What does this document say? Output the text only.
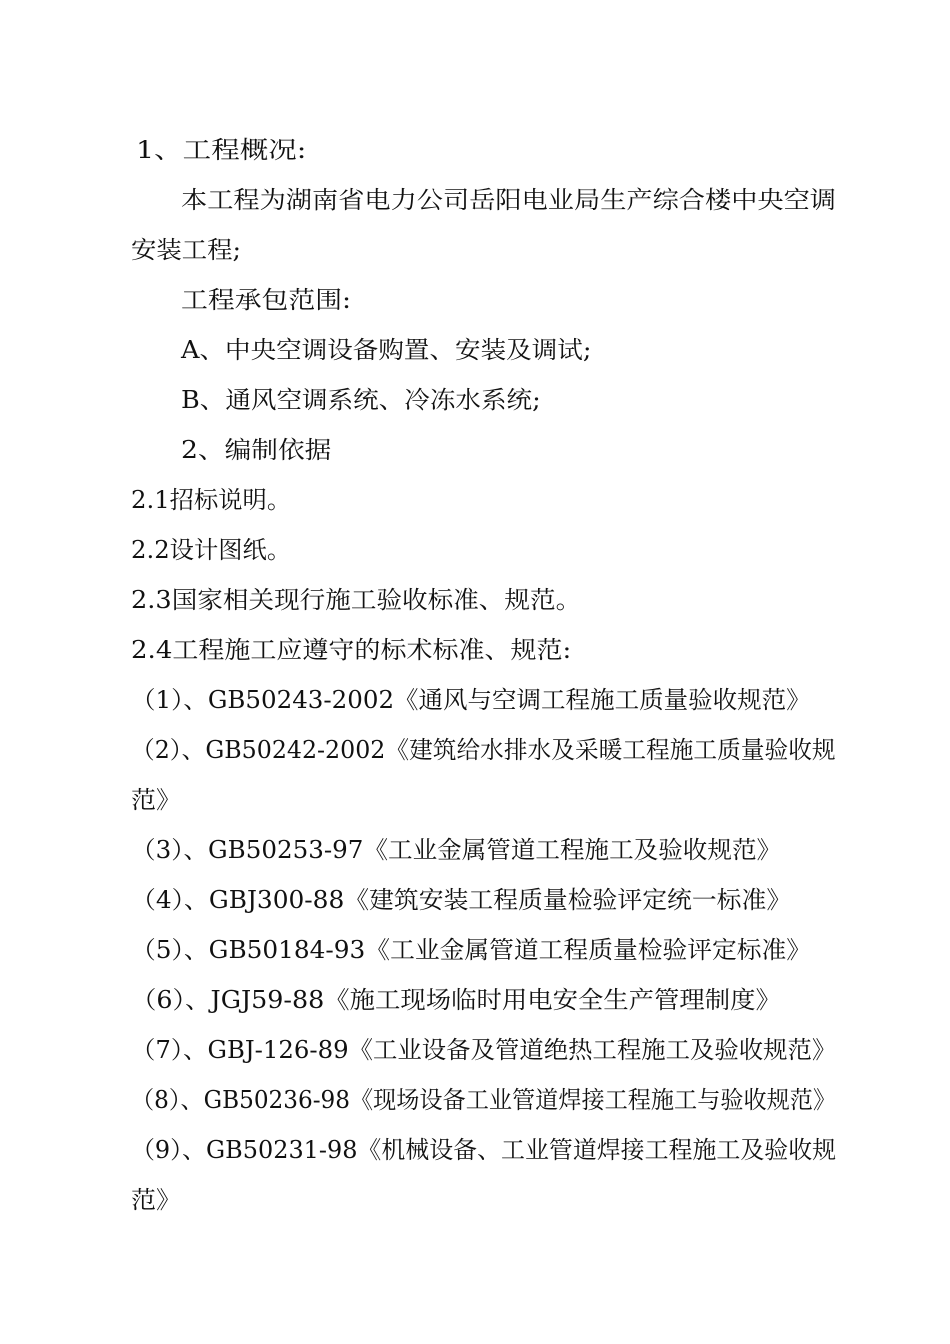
1、工程概况:
本工程为湖南省电力公司岳阳电业局生产综合楼中央空调
安装工程;
工程承包范围:
A、中央空调设备购置、安装及调试;
B、通风空调系统、冷冻水系统;
2、编制依据
2.1招标说明。
2.2设计图纸。
2.3国家相关现行施工验收标准、规范。
2.4工程施工应遵守的标术标准、规范:
（1）、GB50243-2002《通风与空调工程施工质量验收规范》
（2）、GB50242-2002《建筑给水排水及采暖工程施工质量验收规
范》
（3）、GB50253-97《工业金属管道工程施工及验收规范》
（4）、GBJ300-88《建筑安装工程质量检验评定统一标准》
（5）、GB50184-93《工业金属管道工程质量检验评定标准》
（6）、JGJ59-88《施工现场临时用电安全生产管理制度》
（7）、GBJ-126-89《工业设备及管道绝热工程施工及验收规范》
（8）、GB50236-98《现场设备工业管道焊接工程施工与验收规范》
（9）、GB50231-98《机械设备、工业管道焊接工程施工及验收规
范》
